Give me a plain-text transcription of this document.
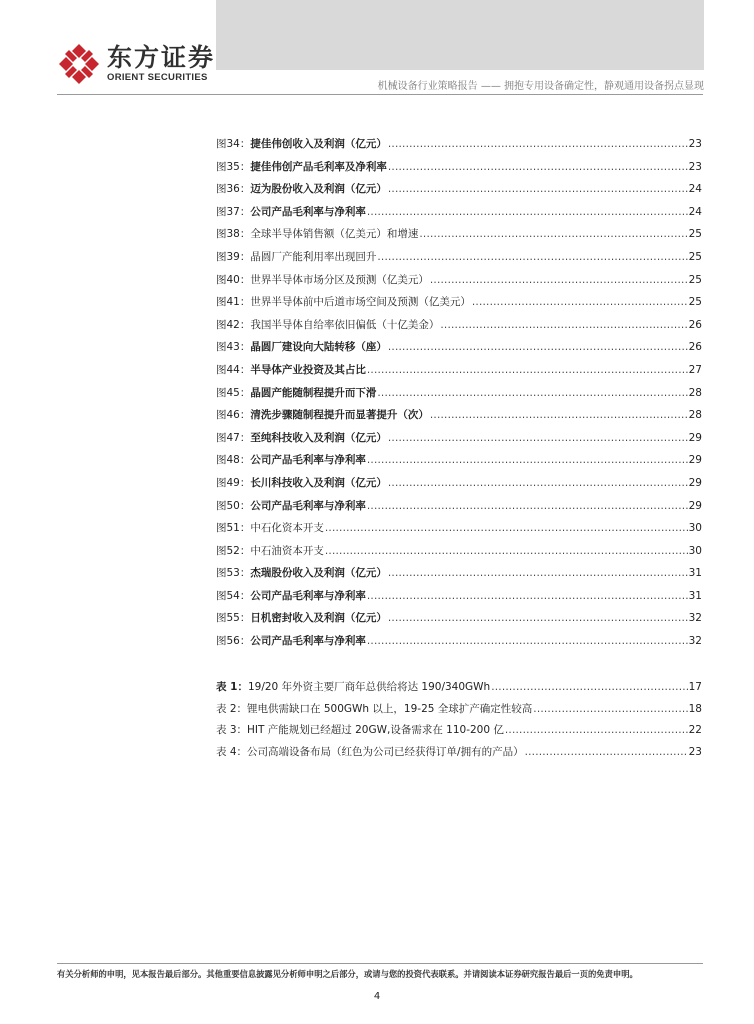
东方证券
ORIENT SECURITIES
机械设备行业策略报告 —— 拥抱专用设备确定性，静观通用设备拐点显现
图34： 捷佳伟创收入及利润（亿元） .....	23
图35： 捷佳伟创产品毛利率及净利率 .....	23
图36： 迈为股份收入及利润（亿元） .....	24
图37： 公司产品毛利率与净利率 .....	24
图38： 全球半导体销售额（亿美元）和增速 .....	25
图39： 晶圆厂产能利用率出现回升 .....	25
图40： 世界半导体市场分区及预测（亿美元） .....	25
图41： 世界半导体前中后道市场空间及预测（亿美元） .....	25
图42： 我国半导体自给率依旧偏低（十亿美金） .....	26
图43： 晶圆厂建设向大陆转移（座） .....	26
图44： 半导体产业投资及其占比 .....	27
图45： 晶圆产能随制程提升而下滑 .....	28
图46： 清洗步骤随制程提升而显著提升（次） .....	28
图47： 至纯科技收入及利润（亿元） .....	29
图48： 公司产品毛利率与净利率 .....	29
图49： 长川科技收入及利润（亿元） .....	29
图50： 公司产品毛利率与净利率 .....	29
图51： 中石化资本开支 .....	30
图52： 中石油资本开支 .....	30
图53： 杰瑞股份收入及利润（亿元） .....	31
图54： 公司产品毛利率与净利率 .....	31
图55： 日机密封收入及利润（亿元） .....	32
图56： 公司产品毛利率与净利率 .....	32
表 1： 19/20 年外资主要厂商年总供给将达 190/340GWh .....	17
表 2： 锂电供需缺口在 500GWh 以上，19-25 全球扩产确定性较高 .....	18
表 3： HIT 产能规划已经超过 20GW,设备需求在 110-200 亿 .....	22
表 4： 公司高端设备布局（红色为公司已经获得订单/拥有的产品） .....	23
有关分析师的申明，见本报告最后部分。其他重要信息披露见分析师申明之后部分，或请与您的投资代表联系。并请阅读本证券研究报告最后一页的免责申明。
4
